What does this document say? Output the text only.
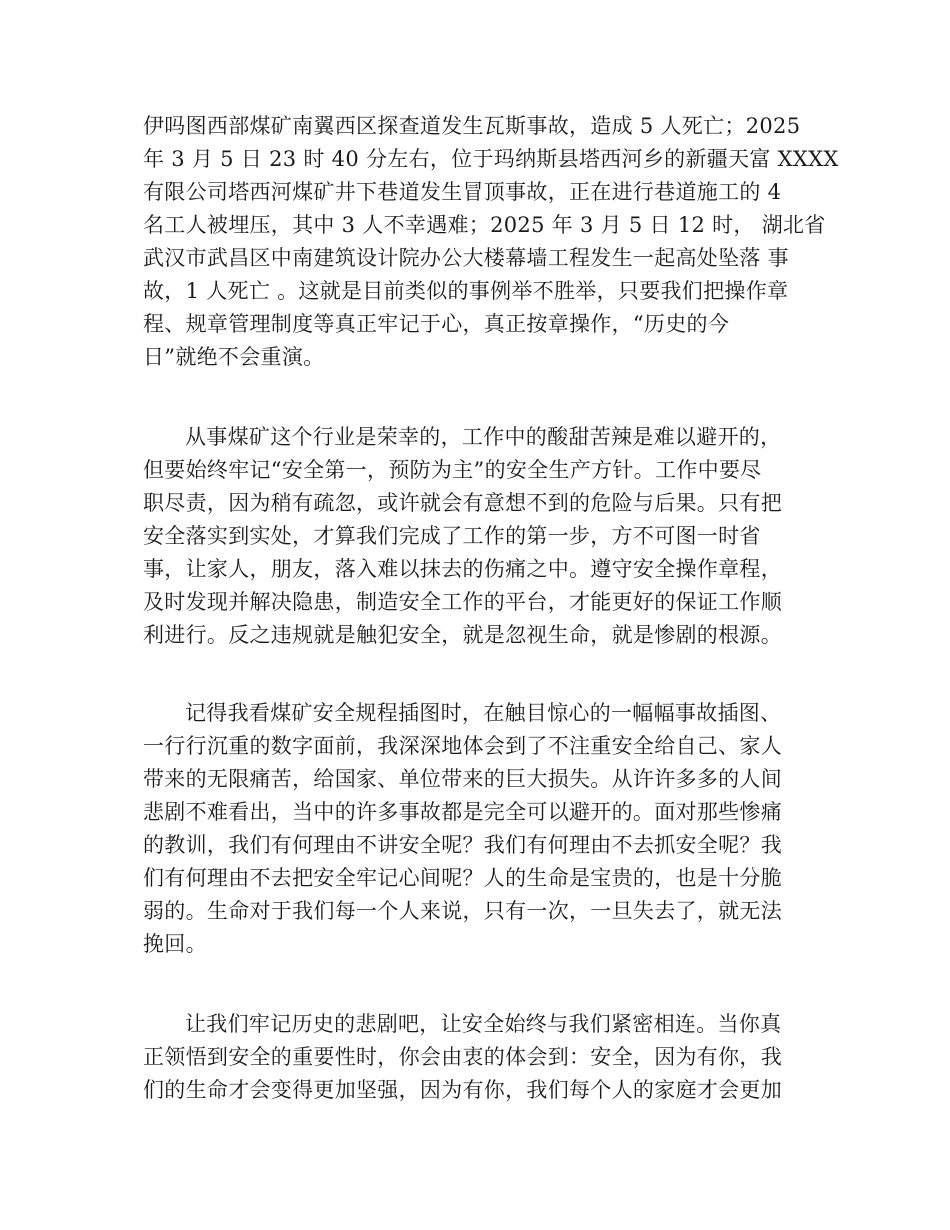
伊吗图西部煤矿南翼西区探查道发生瓦斯事故，造成 5 人死亡；2025
年 3 月 5 日 23 时 40 分左右，位于玛纳斯县塔西河乡的新疆天富 XXXX
有限公司塔西河煤矿井下巷道发生冒顶事故，正在进行巷道施工的 4
名工人被埋压，其中 3 人不幸遇难；2025 年 3 月 5 日 12 时， 湖北省
武汉市武昌区中南建筑设计院办公大楼幕墙工程发生一起高处坠落 事
故，1 人死亡 。这就是目前类似的事例举不胜举，只要我们把操作章
程、规章管理制度等真正牢记于心，真正按章操作，“历史的今
日”就绝不会重演。
从事煤矿这个行业是荣幸的，工作中的酸甜苦辣是难以避开的，
但要始终牢记“安全第一，预防为主”的安全生产方针。工作中要尽
职尽责，因为稍有疏忽，或许就会有意想不到的危险与后果。只有把
安全落实到实处，才算我们完成了工作的第一步，方不可图一时省
事，让家人，朋友，落入难以抹去的伤痛之中。遵守安全操作章程，
及时发现并解决隐患，制造安全工作的平台，才能更好的保证工作顺
利进行。反之违规就是触犯安全，就是忽视生命，就是惨剧的根源。
记得我看煤矿安全规程插图时，在触目惊心的一幅幅事故插图、
一行行沉重的数字面前，我深深地体会到了不注重安全给自己、家人
带来的无限痛苦，给国家、单位带来的巨大损失。从许许多多的人间
悲剧不难看出，当中的许多事故都是完全可以避开的。面对那些惨痛
的教训，我们有何理由不讲安全呢？我们有何理由不去抓安全呢？我
们有何理由不去把安全牢记心间呢？人的生命是宝贵的，也是十分脆
弱的。生命对于我们每一个人来说，只有一次，一旦失去了，就无法
挽回。
让我们牢记历史的悲剧吧，让安全始终与我们紧密相连。当你真
正领悟到安全的重要性时，你会由衷的体会到：安全，因为有你，我
们的生命才会变得更加坚强，因为有你，我们每个人的家庭才会更加
